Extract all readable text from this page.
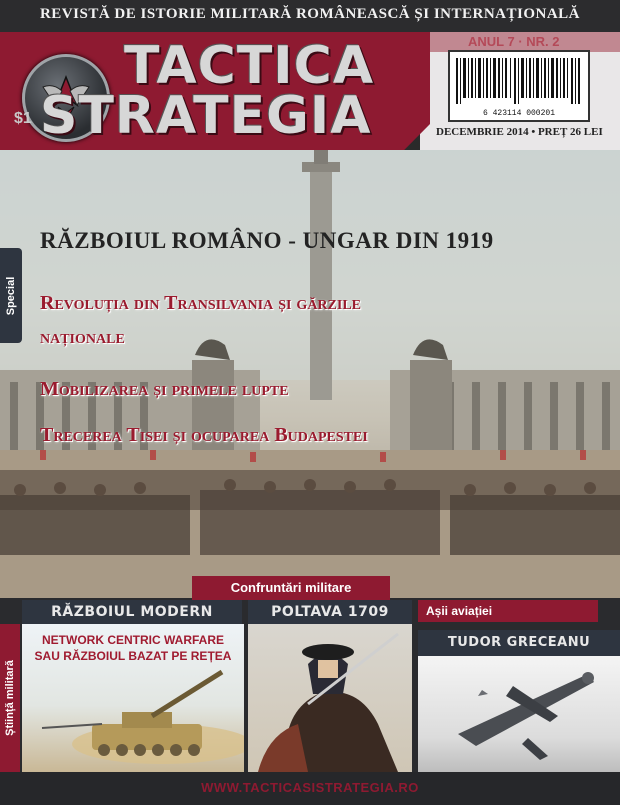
REVISTĂ DE ISTORIE MILITARĂ ROMÂNEASCĂ ȘI INTERNAȚIONALĂ
$1
TACTICA
STRATEGIA
ANUL 7 · NR. 2
6 423114 000201
DECEMBRIE 2014 • PREȚ 26 LEI
RĂZBOIUL ROMÂNO - UNGAR DIN 1919
Revoluția din Transilvania și gărzile
naționale
Mobilizarea și primele lupte
Trecerea Tisei și ocuparea Budapestei
Special
Confruntări militare
RĂZBOIUL MODERN	POLTAVA 1709	Așii aviației
TUDOR GRECEANU
Știință militară
NETWORK CENTRIC WARFARE
SAU RĂZBOIUL BAZAT PE REȚEA
WWW.TACTICASISTRATEGIA.RO
